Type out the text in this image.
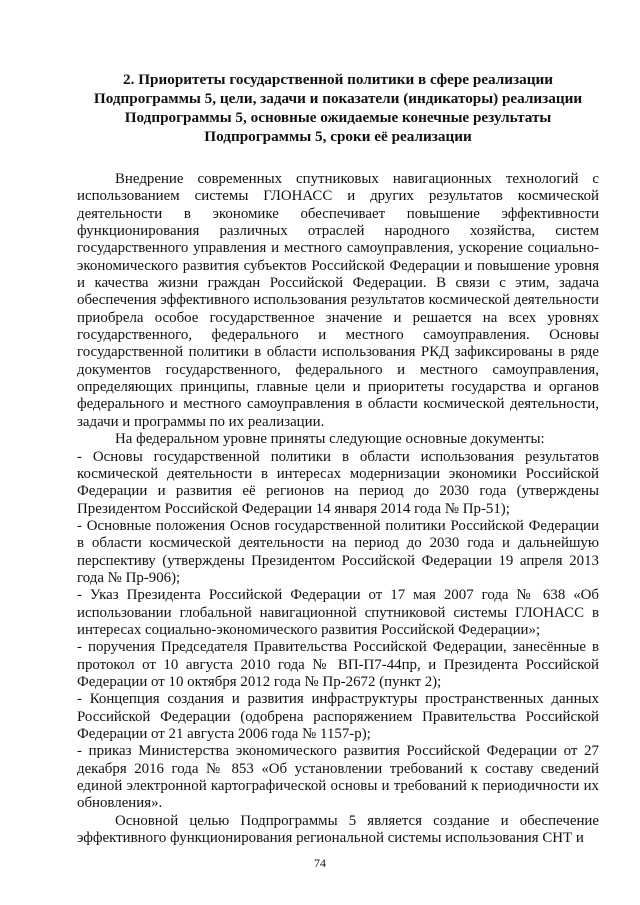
2. Приоритеты государственной политики в сфере реализации
Подпрограммы 5, цели, задачи и показатели (индикаторы) реализации
Подпрограммы 5, основные ожидаемые конечные результаты
Подпрограммы 5, сроки её реализации

Внедрение современных спутниковых навигационных технологий с использованием системы ГЛОНАСС и других результатов космической деятельности в экономике обеспечивает повышение эффективности функционирования различных отраслей народного хозяйства, систем государственного управления и местного самоуправления, ускорение социально-экономического развития субъектов Российской Федерации и повышение уровня и качества жизни граждан Российской Федерации. В связи с этим, задача обеспечения эффективного использования результатов космической деятельности приобрела особое государственное значение и решается на всех уровнях государственного, федерального и местного самоуправления. Основы государственной политики в области использования РКД зафиксированы в ряде документов государственного, федерального и местного самоуправления, определяющих принципы, главные цели и приоритеты государства и органов федерального и местного самоуправления в области космической деятельности, задачи и программы по их реализации.

На федеральном уровне приняты следующие основные документы:

- Основы государственной политики в области использования результатов космической деятельности в интересах модернизации экономики Российской Федерации и развития её регионов на период до 2030 года (утверждены Президентом Российской Федерации 14 января 2014 года № Пр-51);

- Основные положения Основ государственной политики Российской Федерации в области космической деятельности на период до 2030 года и дальнейшую перспективу (утверждены Президентом Российской Федерации 19 апреля 2013 года № Пр-906);

- Указ Президента Российской Федерации от 17 мая 2007 года № 638 «Об использовании глобальной навигационной спутниковой системы ГЛОНАСС в интересах социально-экономического развития Российской Федерации»;

- поручения Председателя Правительства Российской Федерации, занесённые в протокол от 10 августа 2010 года № ВП-П7-44пр, и Президента Российской Федерации от 10 октября 2012 года № Пр-2672 (пункт 2);

- Концепция создания и развития инфраструктуры пространственных данных Российской Федерации (одобрена распоряжением Правительства Российской Федерации от 21 августа 2006 года № 1157-р);

- приказ Министерства экономического развития Российской Федерации от 27 декабря 2016 года № 853 «Об установлении требований к составу сведений единой электронной картографической основы и требований к периодичности их обновления».

Основной целью Подпрограммы 5 является создание и обеспечение эффективного функционирования региональной системы использования СНТ и

74
